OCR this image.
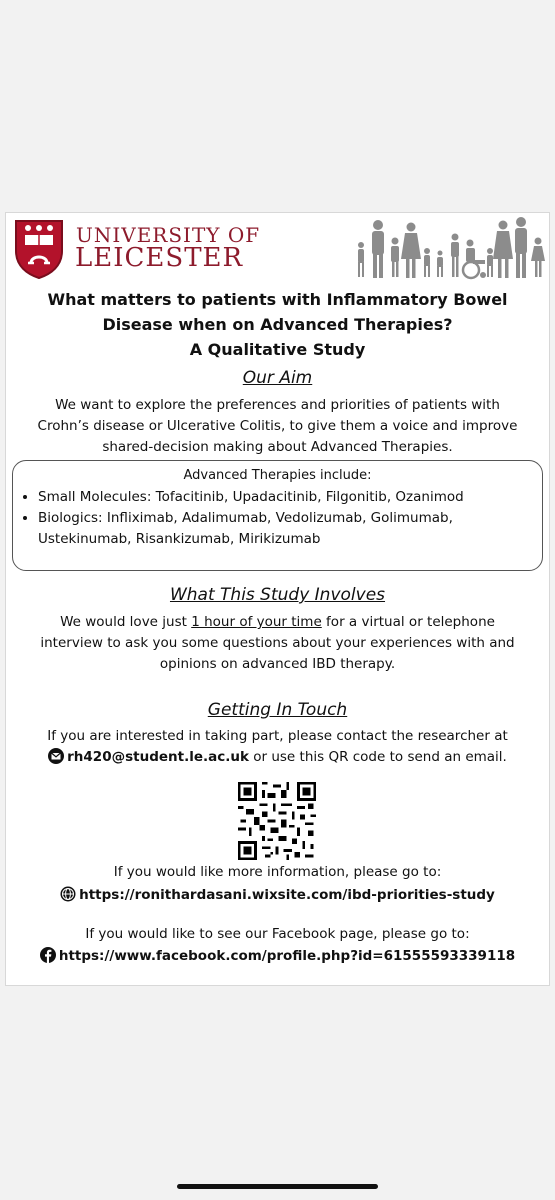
UNIVERSITY OF
LEICESTER
What matters to patients with Inflammatory Bowel
Disease when on Advanced Therapies?
A Qualitative Study
Our Aim
We want to explore the preferences and priorities of patients with
Crohn’s disease or Ulcerative Colitis, to give them a voice and improve
shared-decision making about Advanced Therapies.
Advanced Therapies include:
• Small Molecules: Tofacitinib, Upadacitinib, Filgonitib, Ozanimod
• Biologics: Infliximab, Adalimumab, Vedolizumab, Golimumab, Ustekinumab, Risankizumab, Mirikizumab
What This Study Involves
We would love just 1 hour of your time for a virtual or telephone
interview to ask you some questions about your experiences with and
opinions on advanced IBD therapy.
Getting In Touch
If you are interested in taking part, please contact the researcher at
rh420@student.le.ac.uk or use this QR code to send an email.
If you would like more information, please go to:
https://ronithardasani.wixsite.com/ibd-priorities-study
If you would like to see our Facebook page, please go to:
https://www.facebook.com/profile.php?id=61555593339118
